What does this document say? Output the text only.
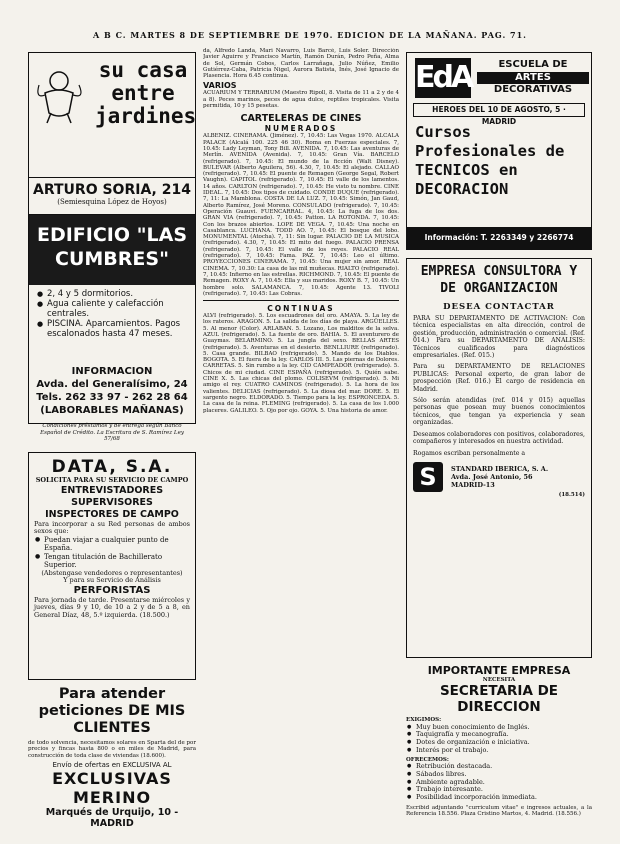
A B C. MARTES 8 DE SEPTIEMBRE DE 1970. EDICION DE LA MAÑANA. PAG. 71.
su casa entre jardines
ARTURO SORIA, 214
(Semiesquina López de Hoyos)
EDIFICIO "LAS CUMBRES"
● 2, 4 y 5 dormitorios.
● Agua caliente y calefacción centrales.
● PISCINA. Aparcamientos. Pagos escalonados hasta 47 meses.
INFORMACION
Avda. del Generalísimo, 24
Tels. 262 33 97 - 262 28 64
(LABORABLES MAÑANAS)
Condiciones préstamos y de entrega según Banco Español de Crédito. La Escritura de S. Ramírez Ley 57/68
DATA, S.A.
SOLICITA PARA SU SERVICIO DE CAMPO
ENTREVISTADORES SUPERVISORES INSPECTORES DE CAMPO
Para incorporar a su Red personas de ambos sexos que:
● Puedan viajar a cualquier punto de España.
● Tengan titulación de Bachillerato Superior.
(Abstengase vendedores o representantes)
Y para su Servicio de Análisis
PERFORISTAS
Para jornada de tarde. Presentarse miércoles y jueves, días 9 y 10, de 10 a 2 y de 5 a 8, en General Díaz, 48, 5.º izquierda. (18.500.)
Para atender peticiones DE MIS CLIENTES
de todo solvencia, necesitamos solares en Sparta del de por precios y fincas hasta 800 o en miles de Madrid, para construcción de toda clase de viviendas (18.600).
Envío de ofertas en EXCLUSIVA AL
EXCLUSIVAS MERINO
Marqués de Urquijo, 10 - MADRID
da, Alfredo Landa, Mari Navarro, Luis Barcé, Luis Soler. Dirección Javier Aguirre y Francisco Martín, Ramón Durán, Pedro Peña, Alma de Sol, Germán Cobos, Carlos Larrañaga, Julio Núñez, Emilio Gutiérrez-Caba, Patricia Nigel, Aurora Batista, Inés, José Ignacio de Plasencia. Hora 6.45 continua.
VARIOS
ACUARIUM Y TERRARIUM (Maestro Ripoll, 8. Visita de 11 a 2 y de 4 a 8). Peces marinos, peces de agua dulce, reptiles tropicales. Visita permitida, 10 y 15 pesetas.
CARTELERAS DE CINES
NUMERADOS
ALBENIZ. CINERAMA. (Jiménez). 7, 10.45: Las Vegas 1970. ALCALA PALACE (Alcalá 100. 225 46 30). Roma en Fuerzas especiales. 7, 10.45: Lady Leyman, Tony Bill. AVENIDA. 7, 10.45: Las aventuras de Merlín. AVENIDA (Avenida). 7, 10.45: Gran Vía. BARCELO (refrigerado). 7, 10.45: El mundo de la ficción (Walt Disney). BULEVAR (Alberto Aguilera, 56). 4.30, 7, 10.45: El alejado. CALLAO (refrigerado). 7, 10.45: El puente de Remagen (George Segal, Robert Vaughn). CAPITOL (refrigerado). 7, 10.45: El valle de los lamentos. 14 años. CARLTON (refrigerado). 7, 10.45: He visto tu nombre. CINE IDEAL. 7, 10.45: Dos tipos de cuidado. CONDE DUQUE (refrigerado). 7, 11: La Mamblona. COSTA DE LA LUZ. 7, 10.45: Simón, Jan Gaud, Alberto Ramírez, José Moreno. CONSULADO (refrigerado). 7, 10.45: Operación Guauvi. FUENCARRAL. 4, 10.45: La fuga de los dos. GRAN VIA (refrigerado). 7, 10.45: Patton. LA ROTONDA. 7, 10.45: Con los brazos abiertos. LOPE DE VEGA. 7, 10.45: Una noche en Casablanca. LUCHANA. TODD AO. 7, 10.45: El bosque del lobo. MONUMENTAL (Atocha). 7, 11: Sin lugar. PALACIO DE LA MUSICA (refrigerado). 4.30, 7, 10.45: El mito del fuego. PALACIO PRENSA (refrigerado). 7, 10.45: El valle de los reyes. PALACIO REAL (refrigerado). 7, 10.45: Fama. PAZ. 7, 10.45: Leo el último. PROYECCIONES CINERAMA. 7, 10.45: Una mujer sin amor. REAL CINEMA. 7, 10.30: La casa de las mil muñecas. RIALTO (refrigerado). 7, 10.45: Infierno en las estrellas. RICHMOND. 7, 10.45: El puente de Remagen. ROXY A. 7, 10.45: Ella y sus maridos. ROXY B. 7, 10.45: Un hombre solo. SALAMANCA. 7, 10.45: Agente 13. TIVOLI (refrigerado). 7, 10.45: Las Cobras.
CONTINUAS
ALVI (refrigerado). 5. Los escuadrones del oro. AMAYA. 5. La ley de los rateros. ARAGON. 5. La salida de los días de playa. ARGÜELLES. 5. Al menor (Color). ARLABAN. 5. Lozano, Los malditos de la selva. AZUL (refrigerado). 5. La fuente de oro. BAHIA. 5. El aventurero de Guaymas. BELARMINO. 5. La jungla del sexo. BELLAS ARTES (refrigerado). 5. Aventuras en el desierto. BENLLIURE (refrigerado). 5. Casa grande. BILBAO (refrigerado). 5. Mando de los Diablos. BOGOTA. 5. El fuera de la ley. CARLOS III. 5. Las piernas de Dolores. CARRETAS. 5. Sin rumbo a la ley. CID CAMPEADOR (refrigerado). 5. Chicos de mi ciudad. CINE ESPAÑA (refrigerado). 5. Quién sabe. CINE X. 5. Las chicas del plomo. COLISEVM (refrigerado). 5. Mi amigo el rey. CUATRO CAMINOS (refrigerado). 5. La hora de los valientes. DELICIAS (refrigerado). 5. La diosa del mar. DORE. 5. El sargento negro. ELDORADO. 5. Tiempo para la ley. ESPRONCEDA. 5. La casa de la reina. FLEMING (refrigerado). 5. La casa de los 1.000 placeres. GALILEO. 5. Ojo por ojo. GOYA. 5. Una historia de amor.
EdA	ESCUELA DE
ARTES
DECORATIVAS
HEROES DEL 10 DE AGOSTO, 5 · MADRID
Cursos Profesionales de TECNICOS en DECORACION
Información: T. 2263349 y 2266774
EMPRESA CONSULTORA Y DE ORGANIZACION
DESEA CONTACTAR
PARA SU DEPARTAMENTO DE ACTIVACION: Con técnica especialistas en alta dirección, control de gestión, producción, administración o comercial. (Ref. 014.) Para su DEPARTAMENTO DE ANALISIS: Técnicos cualificados para diagnósticos empresariales. (Ref. 015.)
Para su DEPARTAMENTO DE RELACIONES PUBLICAS: Personal experto, de gran labor de prospección (Ref. 016.) El cargo de residencia en Madrid.
Sólo serán atendidas (ref. 014 y 015) aquellas personas que posean muy buenos conocimientos técnicos, que tengan ya experiencia y sean organizadas.
Deseamos colaboradores con positivos, colaboradores, compañeros y interesados en nuestra actividad.
Rogamos escriban personalmente a
S	STANDARD IBERICA, S. A.
Avda. José Antonio, 56
MADRID-13
(18.514)
IMPORTANTE EMPRESA
NECESITA
SECRETARIA DE DIRECCION
EXIGIMOS:
● Muy buen conocimiento de Inglés.
● Taquigrafía y mecanografía.
● Dotes de organización e iniciativa.
● Interés por el trabajo.
OFRECEMOS:
● Retribución destacada.
● Sábados libres.
● Ambiente agradable.
● Trabajo interesante.
● Posibilidad incorporación inmediata.
Escribid adjuntando "curriculum vitae" e ingresos actuales, a la Referencia 18.556. Plaza Cristino Martos, 4. Madrid. (18.556.)
